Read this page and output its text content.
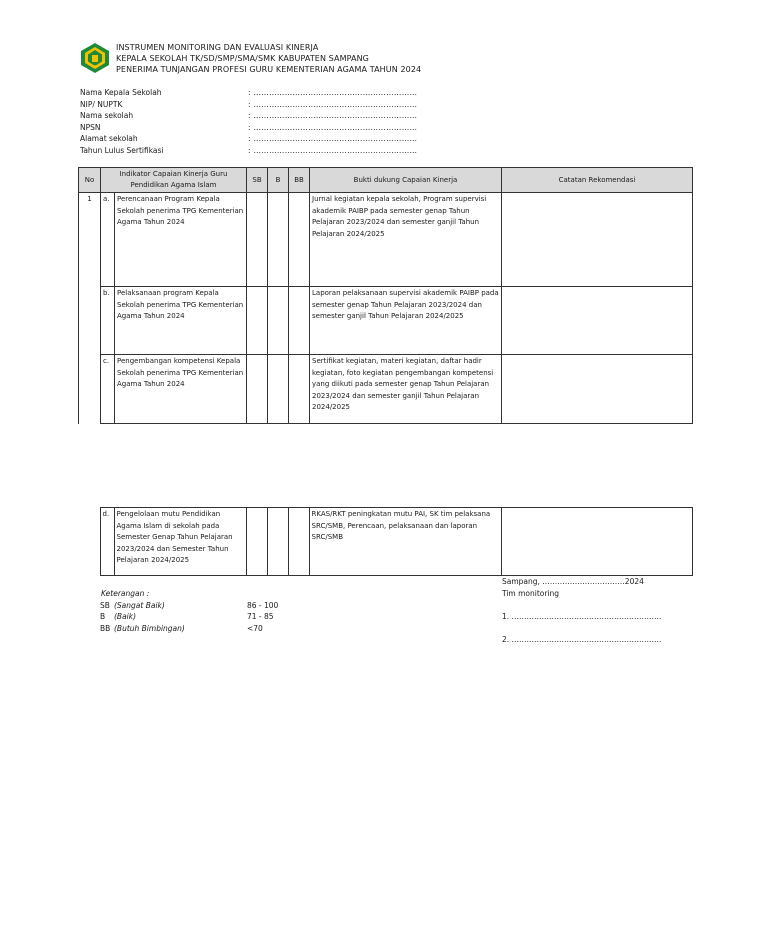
INSTRUMEN MONITORING DAN EVALUASI KINERJA
KEPALA SEKOLAH TK/SD/SMP/SMA/SMK KABUPATEN SAMPANG
PENERIMA TUNJANGAN PROFESI GURU KEMENTERIAN AGAMA TAHUN 2024
Nama Kepala Sekolah	: ………………………………………………………
NIP/ NUPTK	: ………………………………………………………
Nama sekolah	: ………………………………………………………
NPSN	: ………………………………………………………
Alamat sekolah	: ………………………………………………………
Tahun Lulus Sertifikasi	: ………………………………………………………
No	Indikator Capaian Kinerja Guru Pendidikan Agama Islam		SB	B	BB	Bukti dukung Capaian Kinerja	Catatan Rekomendasi
1	a.	Perencanaan Program Kepala Sekolah penerima TPG Kementerian Agama Tahun 2024				Jurnal kegiatan kepala sekolah, Program supervisi akademik PAIBP pada semester genap Tahun Pelajaran 2023/2024 dan semester ganjil Tahun Pelajaran 2024/2025	
	b.	Pelaksanaan program Kepala Sekolah penerima TPG Kementerian Agama Tahun 2024				Laporan pelaksanaan supervisi akademik PAIBP pada semester genap Tahun Pelajaran 2023/2024 dan semester ganjil Tahun Pelajaran 2024/2025	
	c.	Pengembangan kompetensi Kepala Sekolah penerima TPG Kementerian Agama Tahun 2024				Sertifikat kegiatan, materi kegiatan, daftar hadir kegiatan, foto kegiatan pengembangan kompetensi yang diikuti pada semester genap Tahun Pelajaran 2023/2024 dan semester ganjil Tahun Pelajaran 2024/2025	
	d.	Pengelolaan mutu Pendidikan Agama Islam di sekolah pada Semester Genap Tahun Pelajaran 2023/2024 dan Semester Tahun Pelajaran 2024/2025				RKAS/RKT peningkatan mutu PAI, SK tim pelaksana SRC/SMB, Perencaan, pelaksanaan dan laporan SRC/SMB	
Keterangan :
SB (Sangat Baik)	86 - 100
B	(Baik)	71 - 85
BB (Butuh Bimbingan)	<70
Sampang, ……………………………2024
Tim monitoring
1. ……………………………………………………
2. ……………………………………………………
